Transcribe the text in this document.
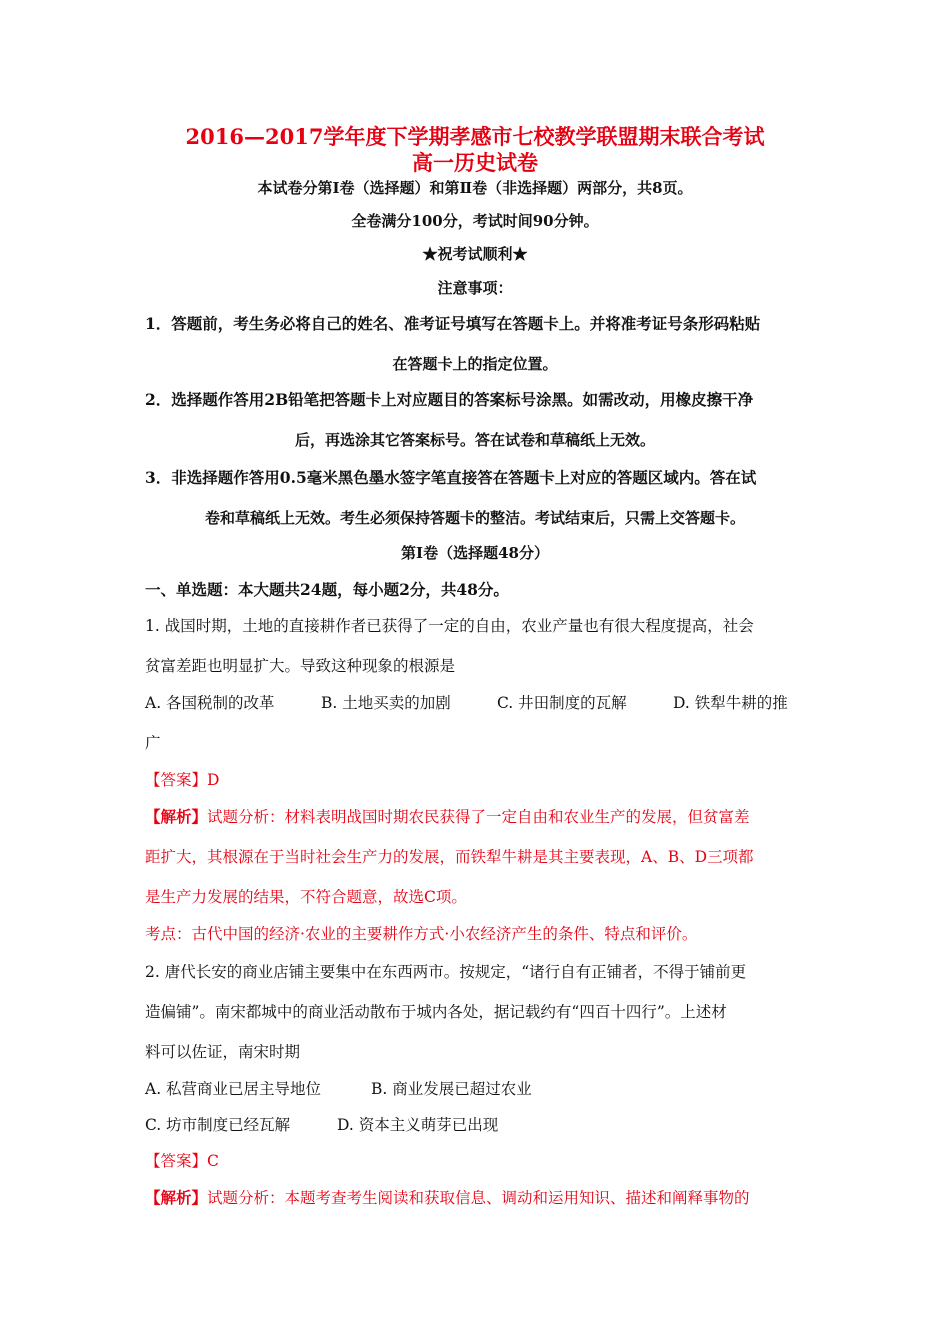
2016—2017学年度下学期孝感市七校教学联盟期末联合考试
高一历史试卷
本试卷分第Ⅰ卷（选择题）和第Ⅱ卷（非选择题）两部分，共8页。
全卷满分100分，考试时间90分钟。
★祝考试顺利★
注意事项：
1．答题前，考生务必将自己的姓名、准考证号填写在答题卡上。并将准考证号条形码粘贴
在答题卡上的指定位置。
2．选择题作答用2B铅笔把答题卡上对应题目的答案标号涂黑。如需改动，用橡皮擦干净
后，再选涂其它答案标号。答在试卷和草稿纸上无效。
3．非选择题作答用0.5毫米黑色墨水签字笔直接答在答题卡上对应的答题区域内。答在试
卷和草稿纸上无效。考生必须保持答题卡的整洁。考试结束后，只需上交答题卡。
第Ⅰ卷（选择题48分）
一、单选题：本大题共24题，每小题2分，共48分。
1. 战国时期，土地的直接耕作者已获得了一定的自由，农业产量也有很大程度提高，社会
贫富差距也明显扩大。导致这种现象的根源是
A. 各国税制的改革	B. 土地买卖的加剧	C. 井田制度的瓦解	D. 铁犁牛耕的推
广
【答案】D
【解析】试题分析：材料表明战国时期农民获得了一定自由和农业生产的发展，但贫富差
距扩大，其根源在于当时社会生产力的发展，而铁犁牛耕是其主要表现，A、B、D三项都
是生产力发展的结果，不符合题意，故选C项。
考点：古代中国的经济·农业的主要耕作方式·小农经济产生的条件、特点和评价。
2. 唐代长安的商业店铺主要集中在东西两市。按规定，“诸行自有正铺者，不得于铺前更
造偏铺”。南宋都城中的商业活动散布于城内各处，据记载约有“四百十四行”。上述材
料可以佐证，南宋时期
A. 私营商业已居主导地位	B. 商业发展已超过农业
C. 坊市制度已经瓦解	D. 资本主义萌芽已出现
【答案】C
【解析】试题分析：本题考查考生阅读和获取信息、调动和运用知识、描述和阐释事物的
